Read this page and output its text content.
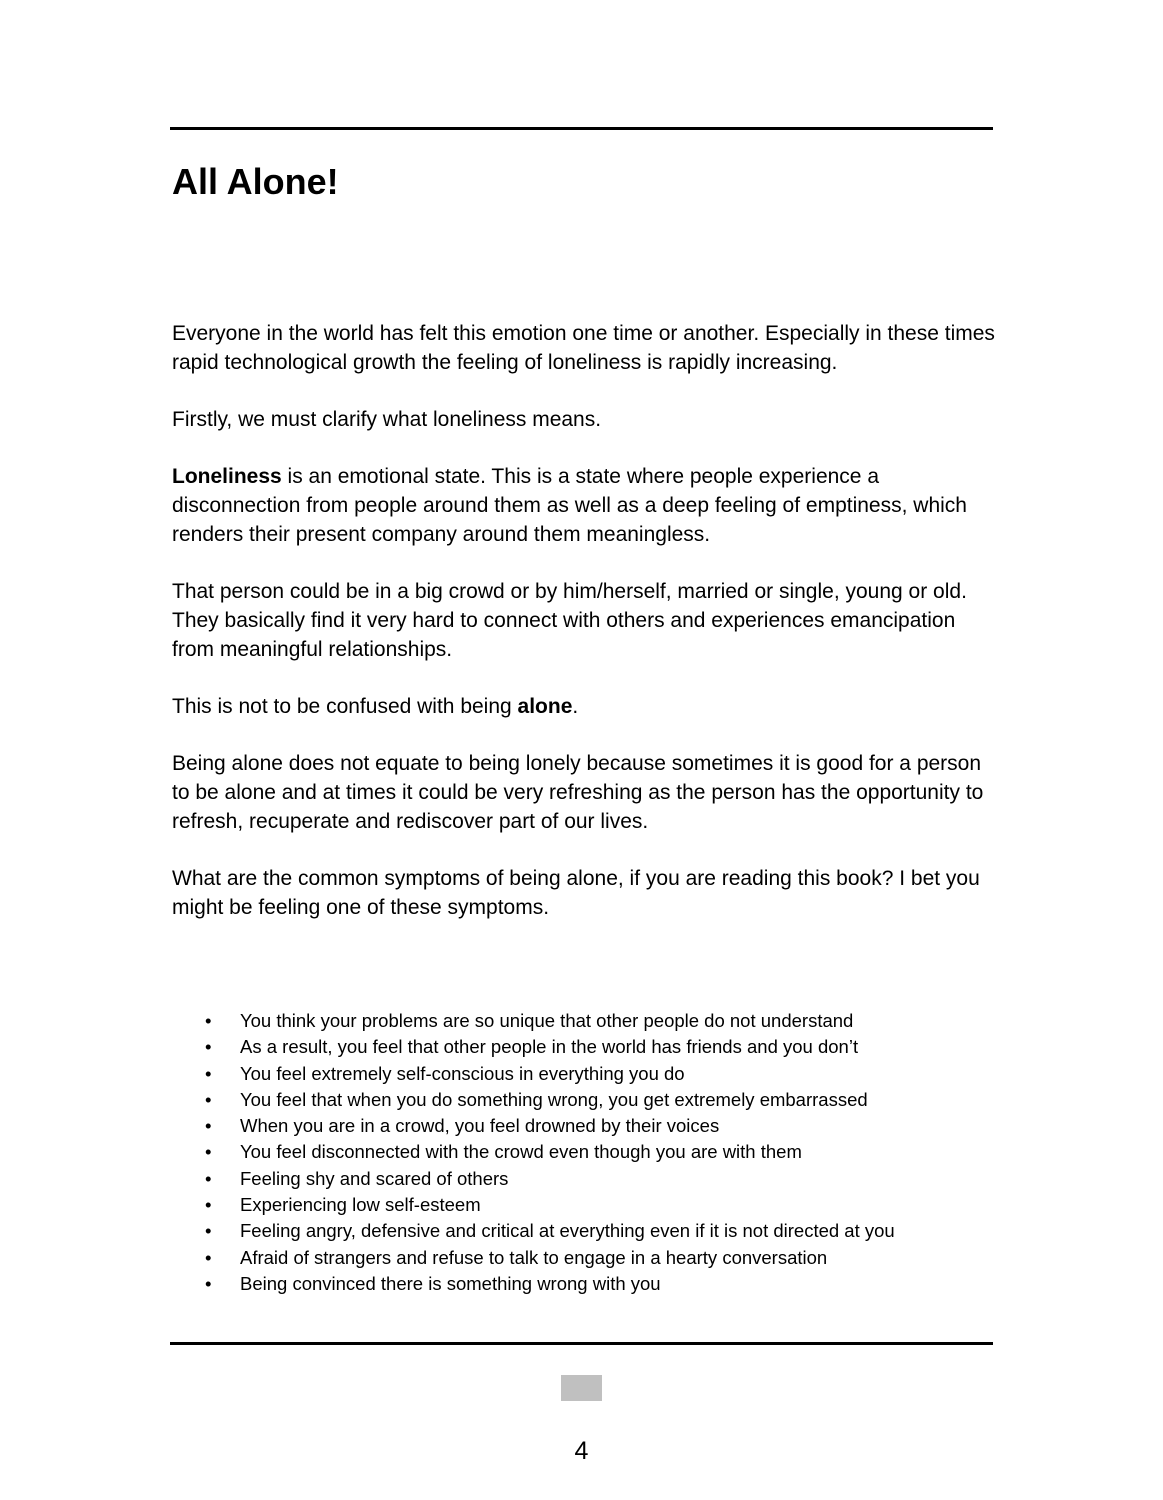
All Alone!

Everyone in the world has felt this emotion one time or another. Especially in these times rapid technological growth the feeling of loneliness is rapidly increasing.

Firstly, we must clarify what loneliness means.

Loneliness is an emotional state. This is a state where people experience a disconnection from people around them as well as a deep feeling of emptiness, which renders their present company around them meaningless.

That person could be in a big crowd or by him/herself, married or single, young or old. They basically find it very hard to connect with others and experiences emancipation from meaningful relationships.

This is not to be confused with being alone.

Being alone does not equate to being lonely because sometimes it is good for a person to be alone and at times it could be very refreshing as the person has the opportunity to refresh, recuperate and rediscover part of our lives.

What are the common symptoms of being alone, if you are reading this book? I bet you might be feeling one of these symptoms.

• You think your problems are so unique that other people do not understand
• As a result, you feel that other people in the world has friends and you don’t
• You feel extremely self-conscious in everything you do
• You feel that when you do something wrong, you get extremely embarrassed
• When you are in a crowd, you feel drowned by their voices
• You feel disconnected with the crowd even though you are with them
• Feeling shy and scared of others
• Experiencing low self-esteem
• Feeling angry, defensive and critical at everything even if it is not directed at you
• Afraid of strangers and refuse to talk to engage in a hearty conversation
• Being convinced there is something wrong with you
4
